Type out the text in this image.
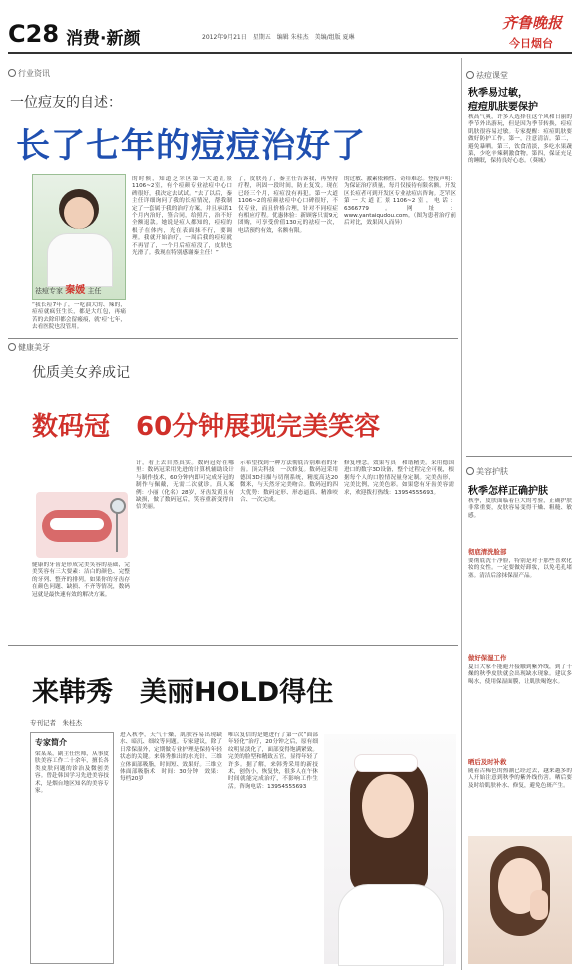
C28 消费·新颜	2012年9月21日　星期五　编辑 朱桂杰　美编/组版 夏琳
齐鲁晚报
今日烟台
行业资讯
一位痘友的自述：
长了七年的痘痘治好了
祛痘专家 秦媛 主任
“我长痘7年了，一吃油大的、辣的，痘痘就疯狂生长，都是大红包，再痛苦的去除印都会留瘢痕，就‘痘’七年，去看医院也没管用。
的时候，知道芝罘区第一大道汇景1106~2室，有个痘颜专业祛痘中心口碑很好，我决定去试试。“去了以后，秦主任详细询问了我的长痘情况，帮我制定了一套属于我的治疗方案，并且承诺1个月内治好，签合同，给照片，治不好全额退款。她说是痘人都知的，痘痘的根子在体内，光在表面抹不行，要调理。我就开始治疗，一周后我的痘痘就不再冒了，一个月后痘痘没了，皮肤也光滑了。我现在特别感谢秦主任！”
了，皮肤亮了，秦主任告诉我，再坚持疗程，巩固一段时间，防止复发。现在已经三个月，痘痘没有再犯。第一大道1106~2的痘颜祛痘中心口碑很好，不仅专业，而且价格合理，针对不同痘症有相应疗程。优惠体验：新顾客只需9元团购，可享受价值130元的祛痘一次，电话预约有效，名额有限。
的过敏、激素依赖性、奇痒难忍。登报声明：为保证治疗质量，每月仅接待有限名额。开发区长痘者可到开发区专业祛痘店咨询。芝罘区第一大道汇景1106~2室，电话：6366779。网址：www.yantaiqudou.com。（图为患者治疗前后对比，效果因人而异）
健康美牙
优质美女养成记
数码冠　60分钟展现完美笑容
健康的牙齿是形成完美笑容的基础，完美笑容有三大要素：洁白的颜色、完整的牙列、整齐的排列。如果你的牙齿存在颜色问题、缺损、不齐等情况，数码冠就是最快速有效的解决方案。
计，看上去自然真实。数码冠好在哪里：数码冠采用先进的计算机辅助设计与制作技术，60分钟内即可完成牙冠的制作与佩戴，无需二次就诊。真人案例：小丽（化名）28岁，牙齿发黄且有缺损，做了数码冠后，笑容重新变得自信美丽。
示希望找到一种方法彻底告别难看的牙齿。顶尖科技　一次修复。数码冠采用德国3D扫描与切削系统，精度高达20微米，与天然牙完美吻合。数码冠的四大优势：数码定形、形态逼真、精准咬合、一次完成。
修复理念。效果写真　和谐精美。采用德国进口的数字3D设备，整个过程完全可视，根据每个人的口腔情况量身定制。完美齿形，完美比例，完美色彩。如果您有牙齿美容需求，欢迎拨打热线：13954555693。
来韩秀　美丽HOLD得住
专刊记者　朱桂杰
专家简介
梁某某，副主任医师，从事皮肤美容工作二十余年，擅长各类皮肤问题的诊治及微创美容。曾赴韩国学习先进美容技术，是烟台地区知名的美容专家。
进入秋季，天气干燥，肌肤容易出现缺水、暗沉、细纹等问题。专家建议，除了日常保湿外，定期做专业护理是保持年轻状态的关键。来韩秀推出的水光针、三维立体面部吸脂，时间短、效果好。三维立体面部吸脂术　时间：30分钟　效果：每档20岁
唯以复信的是她进行了第一次“面部年轻化”治疗，20分钟之后，原有细纹明显淡化了，面部变得饱满紧致。完美的脸型和精致五官，显得年轻了许多。据了解，来韩秀采用的新技术，创伤小，恢复快，很多人在午休时间就能完成治疗，不影响工作生活。咨询电话：13954555693
祛痘课堂
秋季易过敏，
痘痘肌肤要保护
秋高气爽，许多人选择在这个风和日丽的季节外出游玩，但是因为季节转换，痘痘肌肤很容易过敏。专家提醒：痘痘肌肤要做好防护工作。第一，注意清洁。第二，避免暴晒。第三，饮食清淡，多吃水果蔬菜，少吃辛辣刺激食物。第四，保证充足的睡眠，保持良好心态。（葵城）
美容护肤
秋季怎样正确护肤
秋季，皮肤面临着巨大的考验，正确护肤非常重要，皮肤容易变得干燥、粗糙、敏感。
彻底清洗脸部
要彻底洗干净脸，特别是对于那些喜欢化妆的女性。一定要做好卸妆，以免毛孔堵塞。清洁后涂抹保湿产品。
做好保湿工作
夏日大家不能避开接触到紫外线，到了干燥的秋季皮肤就会出现缺水现象。建议多喝水，使用保湿面膜，让肌肤喝饱水。
晒后及时补救
随着古稀色的热潮已经过去，越来越多的人开始注意到秋季的紫外线伤害。晒后要及时给肌肤补水、修复，避免色斑产生。
